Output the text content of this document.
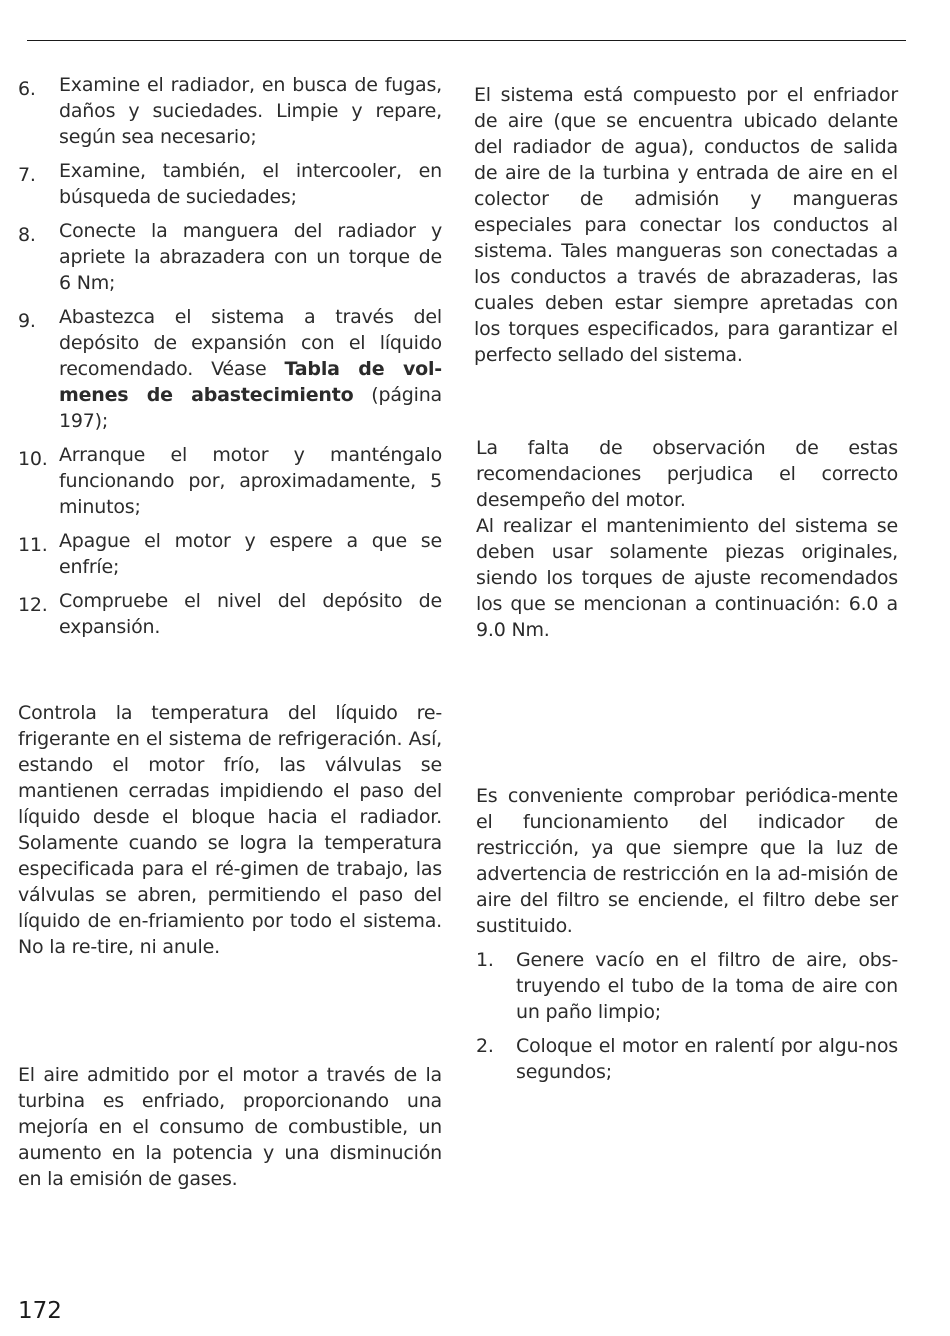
6. Examine el radiador, en busca de fugas, daños y suciedades. Limpie y repare, según sea necesario;
7. Examine, también, el intercooler, en búsqueda de suciedades;
8. Conecte la manguera del radiador y apriete la abrazadera con un torque de 6 Nm;
9. Abastezca el sistema a través del depósito de expansión con el líquido recomendado. Véase Tabla de vol-menes de abastecimiento (página 197);
10. Arranque el motor y manténgalo funcionando por, aproximadamente, 5 minutos;
11. Apague el motor y espere a que se enfríe;
12. Compruebe el nivel del depósito de expansión.

Controla la temperatura del líquido re-frigerante en el sistema de refrigeración. Así, estando el motor frío, las válvulas se mantienen cerradas impidiendo el paso del líquido desde el bloque hacia el radiador. Solamente cuando se logra la temperatura especificada para el ré-gimen de trabajo, las válvulas se abren, permitiendo el paso del líquido de en-friamiento por todo el sistema. No la re-tire, ni anule.

El aire admitido por el motor a través de la turbina es enfriado, proporcionando una mejoría en el consumo de combustible, un aumento en la potencia y una disminución en la emisión de gases.

El sistema está compuesto por el enfriador de aire (que se encuentra ubicado delante del radiador de agua), conductos de salida de aire de la turbina y entrada de aire en el colector de admisión y mangueras especiales para conectar los conductos al sistema. Tales mangueras son conectadas a los conductos a través de abrazaderas, las cuales deben estar siempre apretadas con los torques especificados, para garantizar el perfecto sellado del sistema.

La falta de observación de estas recomendaciones perjudica el correcto desempeño del motor.

Al realizar el mantenimiento del sistema se deben usar solamente piezas originales, siendo los torques de ajuste recomendados los que se mencionan a continuación: 6.0 a 9.0 Nm.

Es conveniente comprobar periódica-mente el funcionamiento del indicador de restricción, ya que siempre que la luz de advertencia de restricción en la ad-misión de aire del filtro se enciende, el filtro debe ser sustituido.

1. Genere vacío en el filtro de aire, obs-truyendo el tubo de la toma de aire con un paño limpio;
2. Coloque el motor en ralentí por algu-nos segundos;
172
